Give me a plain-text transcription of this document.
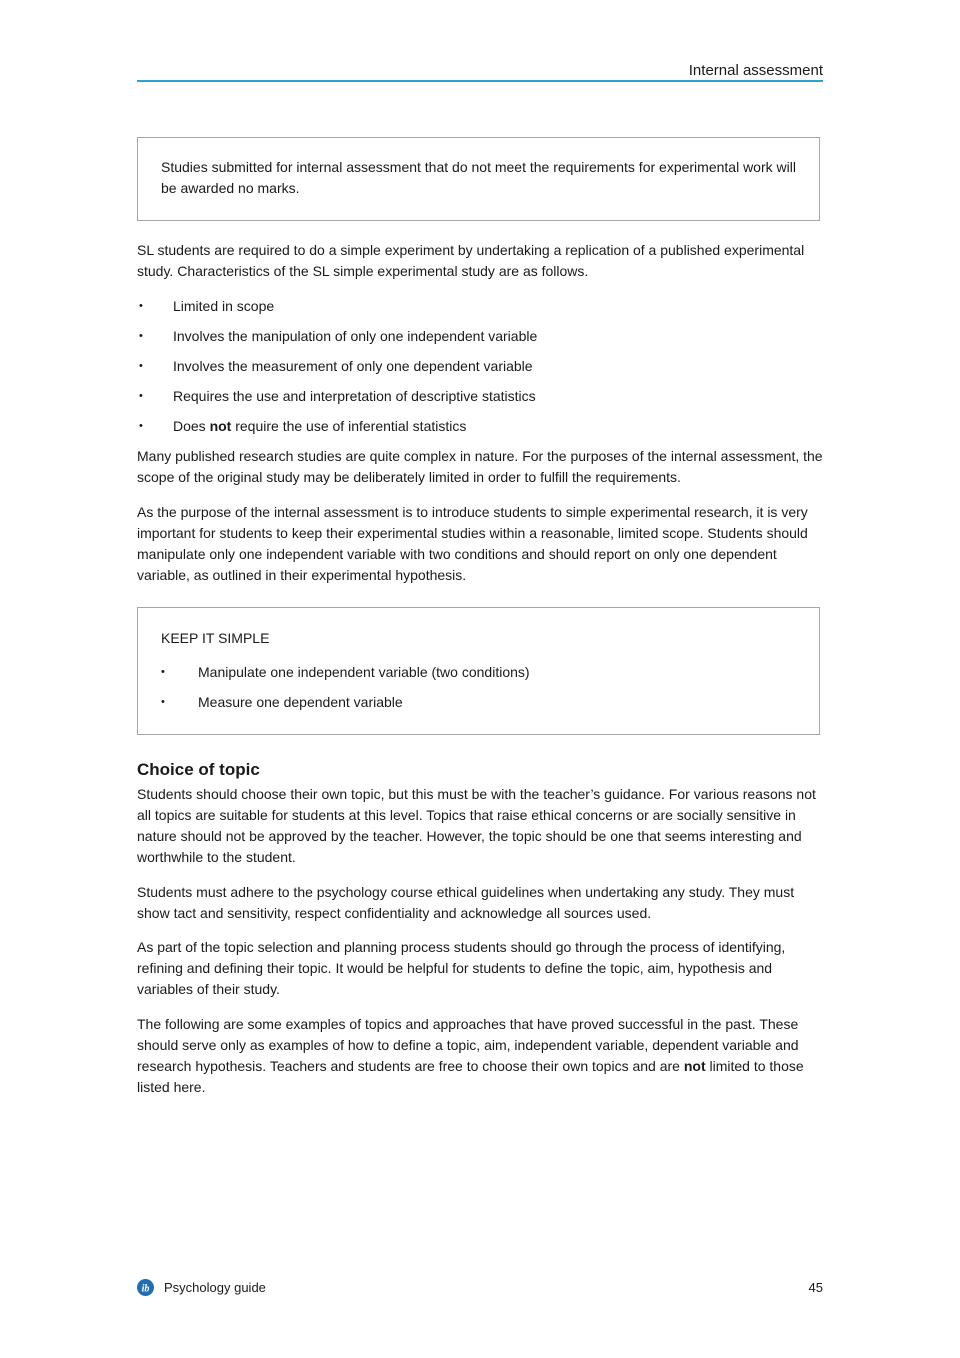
Internal assessment

Studies submitted for internal assessment that do not meet the requirements for experimental work will be awarded no marks.

SL students are required to do a simple experiment by undertaking a replication of a published experimental study. Characteristics of the SL simple experimental study are as follows.

• Limited in scope
• Involves the manipulation of only one independent variable
• Involves the measurement of only one dependent variable
• Requires the use and interpretation of descriptive statistics
• Does not require the use of inferential statistics

Many published research studies are quite complex in nature. For the purposes of the internal assessment, the scope of the original study may be deliberately limited in order to fulfill the requirements.

As the purpose of the internal assessment is to introduce students to simple experimental research, it is very important for students to keep their experimental studies within a reasonable, limited scope. Students should manipulate only one independent variable with two conditions and should report on only one dependent variable, as outlined in their experimental hypothesis.

KEEP IT SIMPLE

• Manipulate one independent variable (two conditions)
• Measure one dependent variable
Choice of topic

Students should choose their own topic, but this must be with the teacher’s guidance. For various reasons not all topics are suitable for students at this level. Topics that raise ethical concerns or are socially sensitive in nature should not be approved by the teacher. However, the topic should be one that seems interesting and worthwhile to the student.

Students must adhere to the psychology course ethical guidelines when undertaking any study. They must show tact and sensitivity, respect confidentiality and acknowledge all sources used.

As part of the topic selection and planning process students should go through the process of identifying, refining and defining their topic. It would be helpful for students to define the topic, aim, hypothesis and variables of their study.

The following are some examples of topics and approaches that have proved successful in the past. These should serve only as examples of how to define a topic, aim, independent variable, dependent variable and research hypothesis. Teachers and students are free to choose their own topics and are not limited to those listed here.

ib Psychology guide	45
